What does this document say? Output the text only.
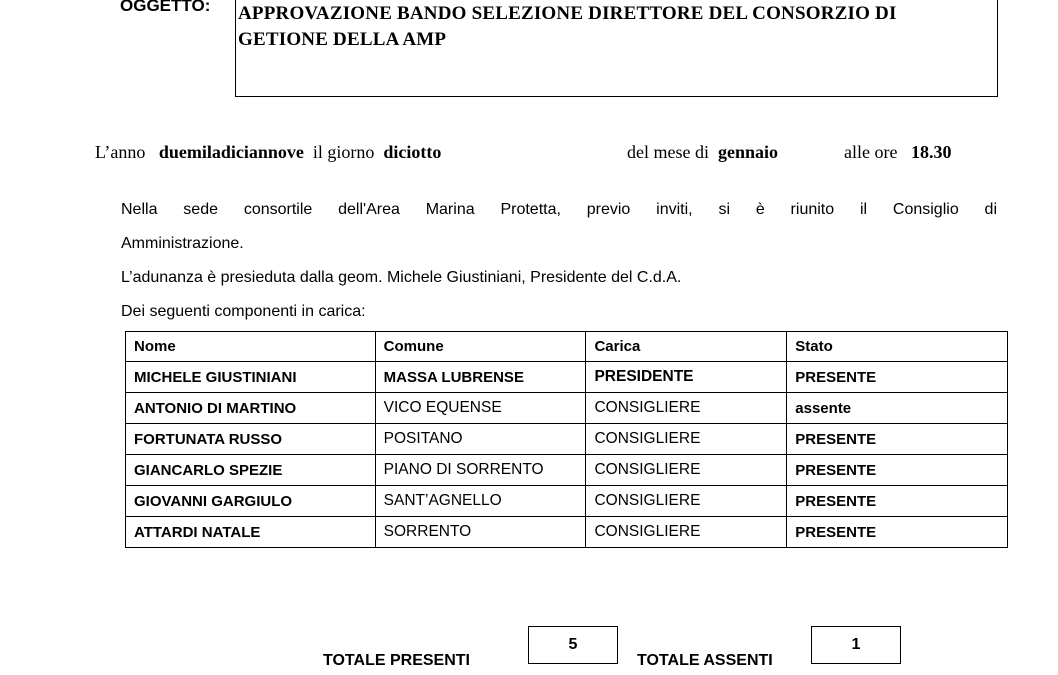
OGGETTO: APPROVAZIONE BANDO SELEZIONE DIRETTORE DEL CONSORZIO DI
GETIONE DELLA AMP
L’anno duemiladiciannove il giorno diciotto	del mese di gennaio	alle ore 18.30
Nella sede consortile dell'Area Marina Protetta, previo inviti, si è riunito il Consiglio di
Amministrazione.
L’adunanza è presieduta dalla geom. Michele Giustiniani, Presidente del C.d.A.
Dei seguenti componenti in carica:
Nome	Comune	Carica	Stato
MICHELE GIUSTINIANI	MASSA LUBRENSE	PRESIDENTE	PRESENTE
ANTONIO DI MARTINO	VICO EQUENSE	CONSIGLIERE	assente
FORTUNATA RUSSO	POSITANO	CONSIGLIERE	PRESENTE
GIANCARLO SPEZIE	PIANO DI SORRENTO	CONSIGLIERE	PRESENTE
GIOVANNI GARGIULO	SANT’AGNELLO	CONSIGLIERE	PRESENTE
ATTARDI NATALE	SORRENTO	CONSIGLIERE	PRESENTE
TOTALE PRESENTI
5
TOTALE ASSENTI
1
